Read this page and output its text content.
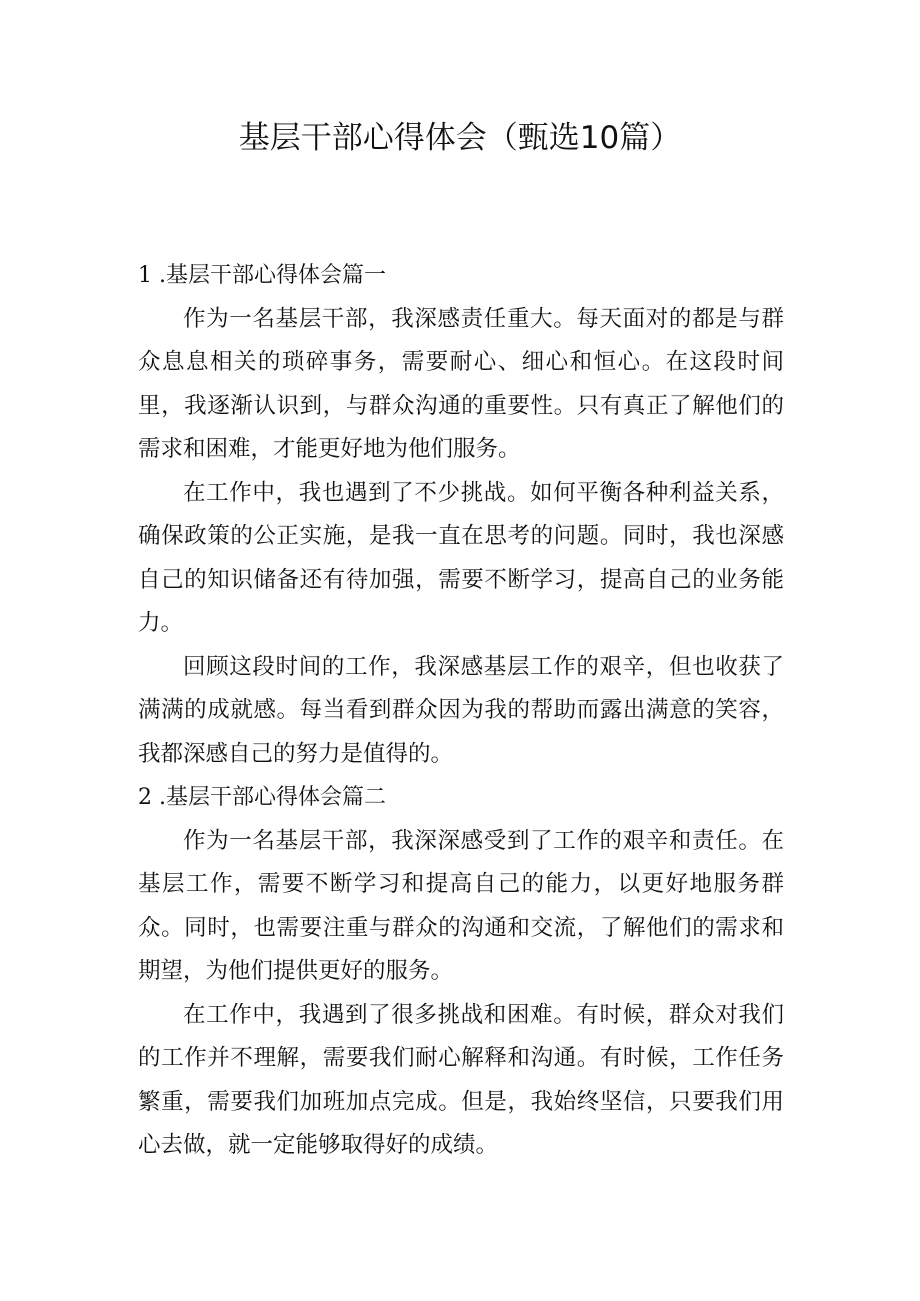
基层干部心得体会（甄选10篇）

1 .基层干部心得体会篇一

作为一名基层干部，我深感责任重大。每天面对的都是与群众息息相关的琐碎事务，需要耐心、细心和恒心。在这段时间里，我逐渐认识到，与群众沟通的重要性。只有真正了解他们的需求和困难，才能更好地为他们服务。

在工作中，我也遇到了不少挑战。如何平衡各种利益关系，确保政策的公正实施，是我一直在思考的问题。同时，我也深感自己的知识储备还有待加强，需要不断学习，提高自己的业务能力。

回顾这段时间的工作，我深感基层工作的艰辛，但也收获了满满的成就感。每当看到群众因为我的帮助而露出满意的笑容，我都深感自己的努力是值得的。

2 .基层干部心得体会篇二

作为一名基层干部，我深深感受到了工作的艰辛和责任。在基层工作，需要不断学习和提高自己的能力，以更好地服务群众。同时，也需要注重与群众的沟通和交流，了解他们的需求和期望，为他们提供更好的服务。

在工作中，我遇到了很多挑战和困难。有时候，群众对我们的工作并不理解，需要我们耐心解释和沟通。有时候，工作任务繁重，需要我们加班加点完成。但是，我始终坚信，只要我们用心去做，就一定能够取得好的成绩。
